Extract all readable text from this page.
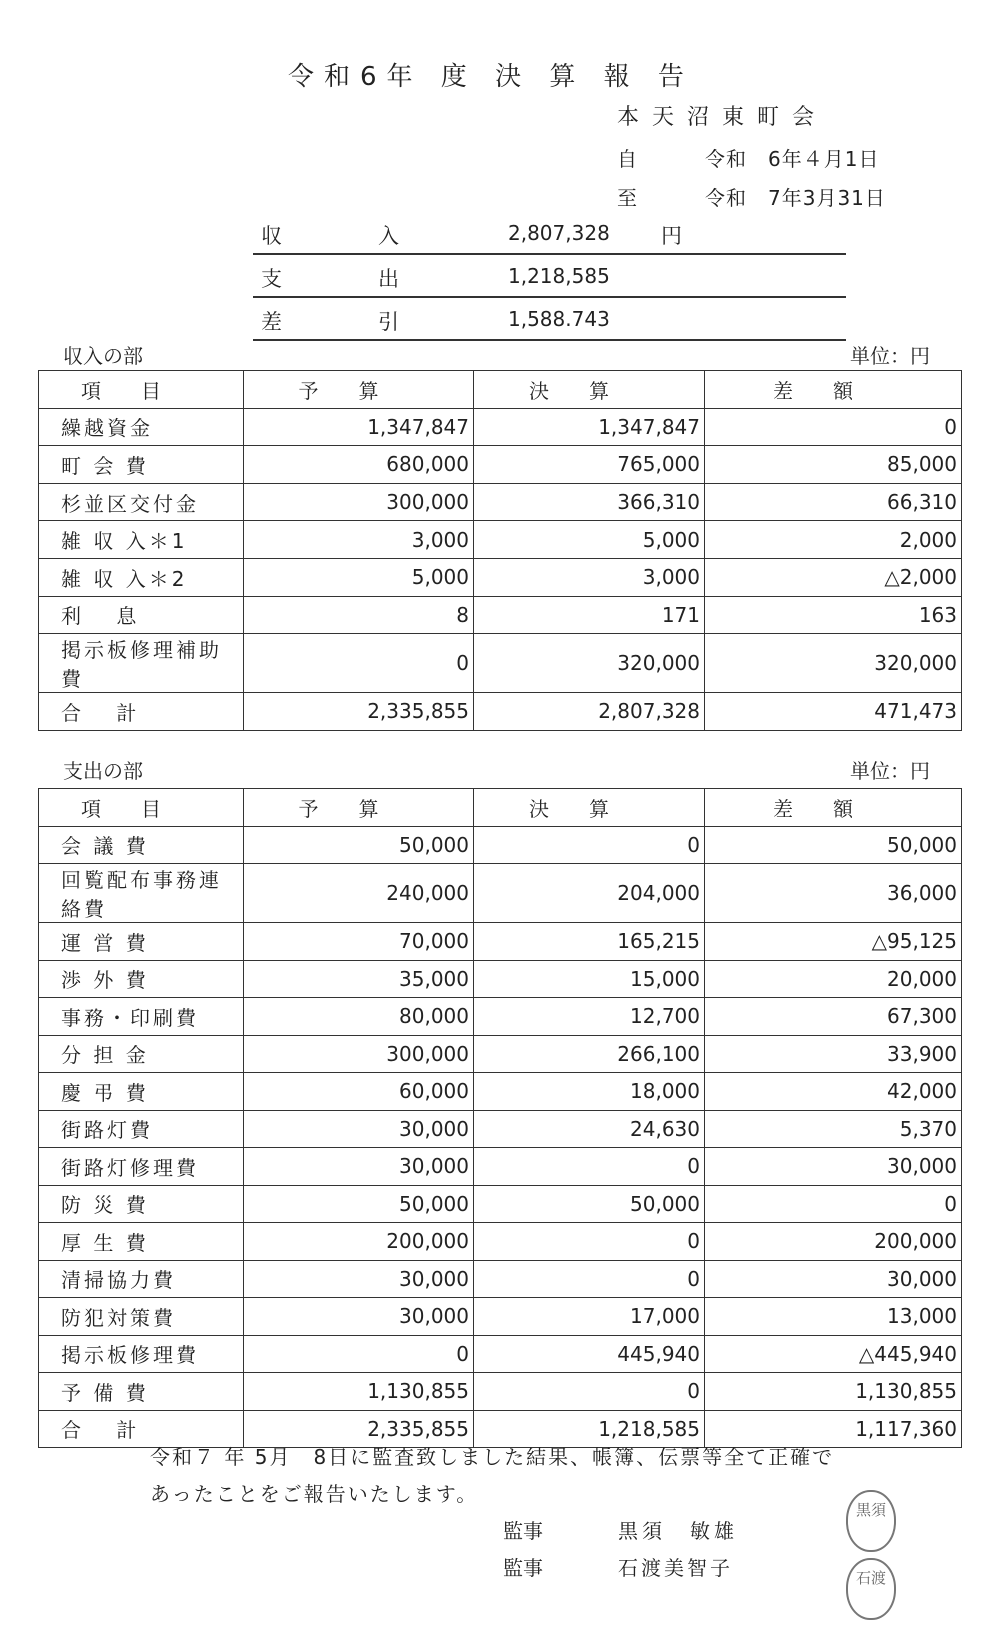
令和6年 度 決 算 報 告
本天沼東町会
自	令和　6年４月1日
至	令和　7年3月31日
収	入	2,807,328 円
支	出	1,218,585
差	引	1,588.743
収入の部	単位：円
項目	予算	決算	差額
繰越資金	1,347,847	1,347,847	0
町 会 費	680,000	765,000	85,000
杉並区交付金	300,000	366,310	66,310
雑 収 入＊1	3,000	5,000	2,000
雑 収 入＊2	5,000	3,000	△2,000
利　 息	8	171	163
掲示板修理補助費	0	320,000	320,000
合　 計	2,335,855	2,807,328	471,473
支出の部	単位：円
項目	予算	決算	差額
会 議 費	50,000	0	50,000
回覧配布事務連絡費	240,000	204,000	36,000
運 営 費	70,000	165,215	△95,125
渉 外 費	35,000	15,000	20,000
事務・印刷費	80,000	12,700	67,300
分 担 金	300,000	266,100	33,900
慶 弔 費	60,000	18,000	42,000
街路灯費	30,000	24,630	5,370
街路灯修理費	30,000	0	30,000
防 災 費	50,000	50,000	0
厚 生 費	200,000	0	200,000
清掃協力費	30,000	0	30,000
防犯対策費	30,000	17,000	13,000
掲示板修理費	0	445,940	△445,940
予 備 費	1,130,855	0	1,130,855
合　 計	2,335,855	1,218,585	1,117,360
令和７ 年 5月　8日に監査致しました結果、帳簿、伝票等全て正確で
あったことをご報告いたします。
監事	黒須　敏雄
監事	石渡美智子
黒須
石渡
